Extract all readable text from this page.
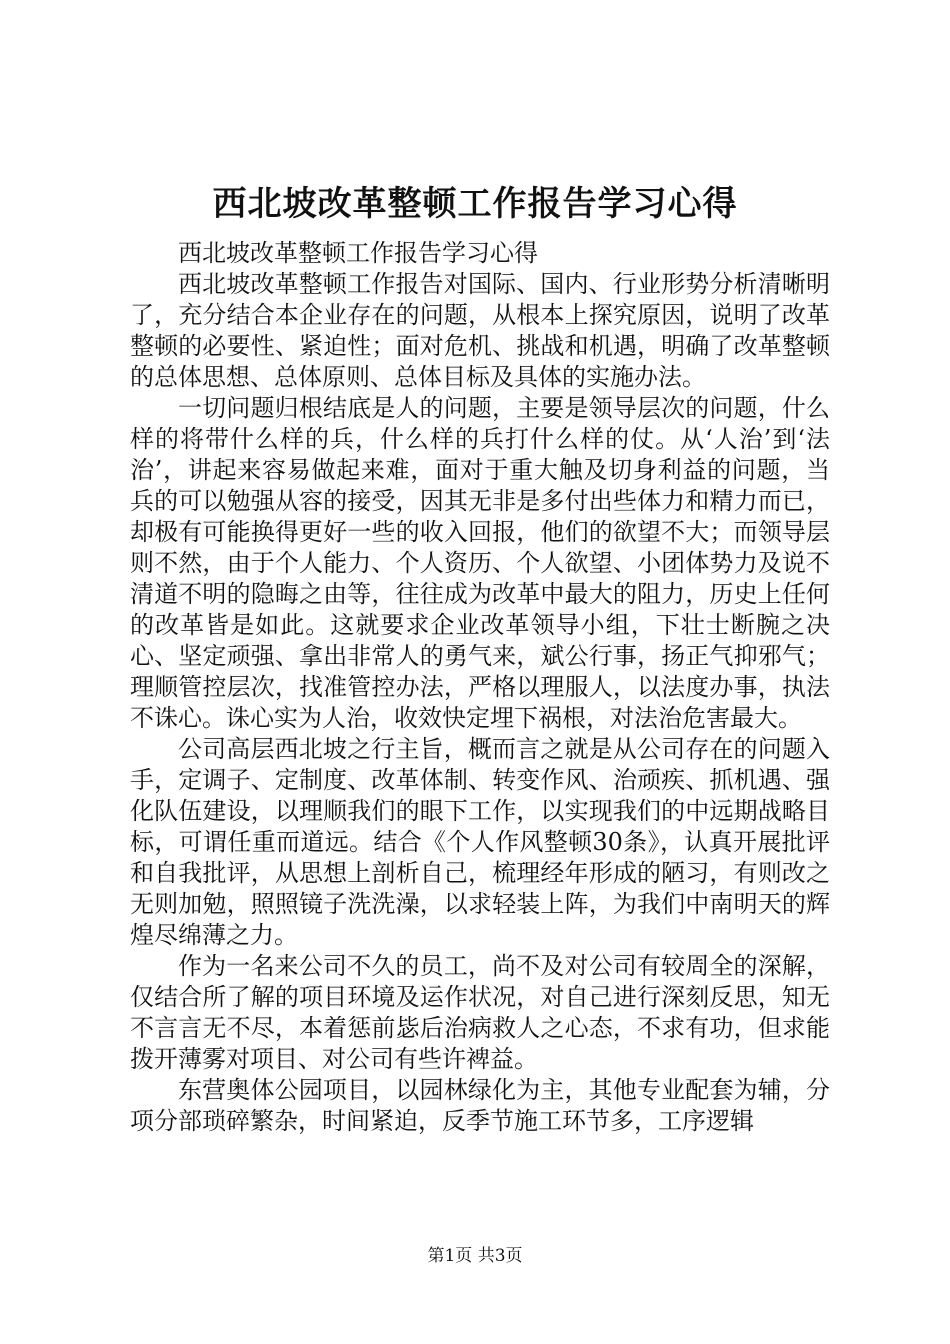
西北坡改革整顿工作报告学习心得

西北坡改革整顿工作报告学习心得

西北坡改革整顿工作报告对国际、国内、行业形势分析清晰明了，充分结合本企业存在的问题，从根本上探究原因，说明了改革整顿的必要性、紧迫性；面对危机、挑战和机遇，明确了改革整顿的总体思想、总体原则、总体目标及具体的实施办法。

一切问题归根结底是人的问题，主要是领导层次的问题，什么样的将带什么样的兵，什么样的兵打什么样的仗。从‘人治’到‘法治’，讲起来容易做起来难，面对于重大触及切身利益的问题，当兵的可以勉强从容的接受，因其无非是多付出些体力和精力而已，却极有可能换得更好一些的收入回报，他们的欲望不大；而领导层则不然，由于个人能力、个人资历、个人欲望、小团体势力及说不清道不明的隐晦之由等，往往成为改革中最大的阻力，历史上任何的改革皆是如此。这就要求企业改革领导小组，下壮士断腕之决心、坚定顽强、拿出非常人的勇气来，斌公行事，扬正气抑邪气；理顺管控层次，找准管控办法，严格以理服人，以法度办事，执法不诛心。诛心实为人治，收效快定埋下祸根，对法治危害最大。

公司高层西北坡之行主旨，概而言之就是从公司存在的问题入手，定调子、定制度、改革体制、转变作风、治顽疾、抓机遇、强化队伍建设，以理顺我们的眼下工作，以实现我们的中远期战略目标，可谓任重而道远。结合《个人作风整顿30条》，认真开展批评和自我批评，从思想上剖析自己，梳理经年形成的陋习，有则改之无则加勉，照照镜子洗洗澡，以求轻装上阵，为我们中南明天的辉煌尽绵薄之力。

作为一名来公司不久的员工，尚不及对公司有较周全的深解，仅结合所了解的项目环境及运作状况，对自己进行深刻反思，知无不言言无不尽，本着惩前毖后治病救人之心态，不求有功，但求能拨开薄雾对项目、对公司有些许裨益。

东营奥体公园项目，以园林绿化为主，其他专业配套为辅，分项分部琐碎繁杂，时间紧迫，反季节施工环节多，工序逻辑

第1页 共3页
